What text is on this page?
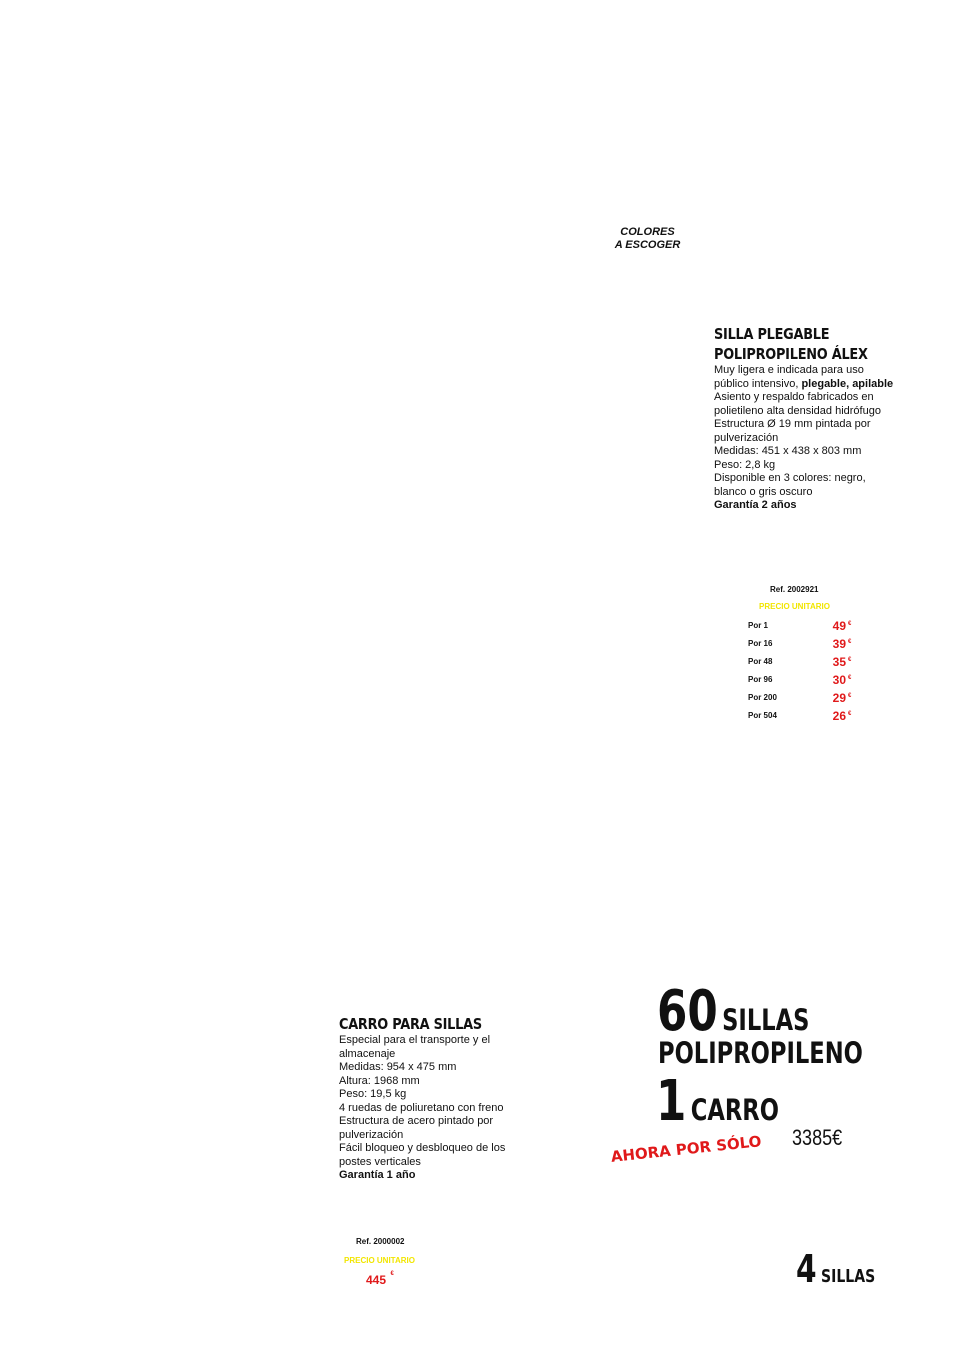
COLORES
A ESCOGER
SILLA PLEGABLE
POLIPROPILENO ÁLEX
Muy ligera e indicada para uso
público intensivo, plegable, apilable
Asiento y respaldo fabricados en
polietileno alta densidad hidrófugo
Estructura Ø 19 mm pintada por
pulverización
Medidas: 451 x 438 x 803 mm
Peso: 2,8 kg
Disponible en 3 colores: negro,
blanco o gris oscuro
Garantía 2 años
Ref. 2002921
PRECIO UNITARIO
Por 1	49 €
Por 16	39 €
Por 48	35 €
Por 96	30 €
Por 200	29 €
Por 504	26 €
CARRO PARA SILLAS
Especial para el transporte y el
almacenaje
Medidas: 954 x 475 mm
Altura: 1968 mm
Peso: 19,5 kg
4 ruedas de poliuretano con freno
Estructura de acero pintado por
pulverización
Fácil bloqueo y desbloqueo de los
postes verticales
Garantía 1 año
Ref. 2000002
PRECIO UNITARIO
445 €
60 SILLAS
POLIPROPILENO
1 CARRO
AHORA POR SÓLO 3385€
4 SILLAS
